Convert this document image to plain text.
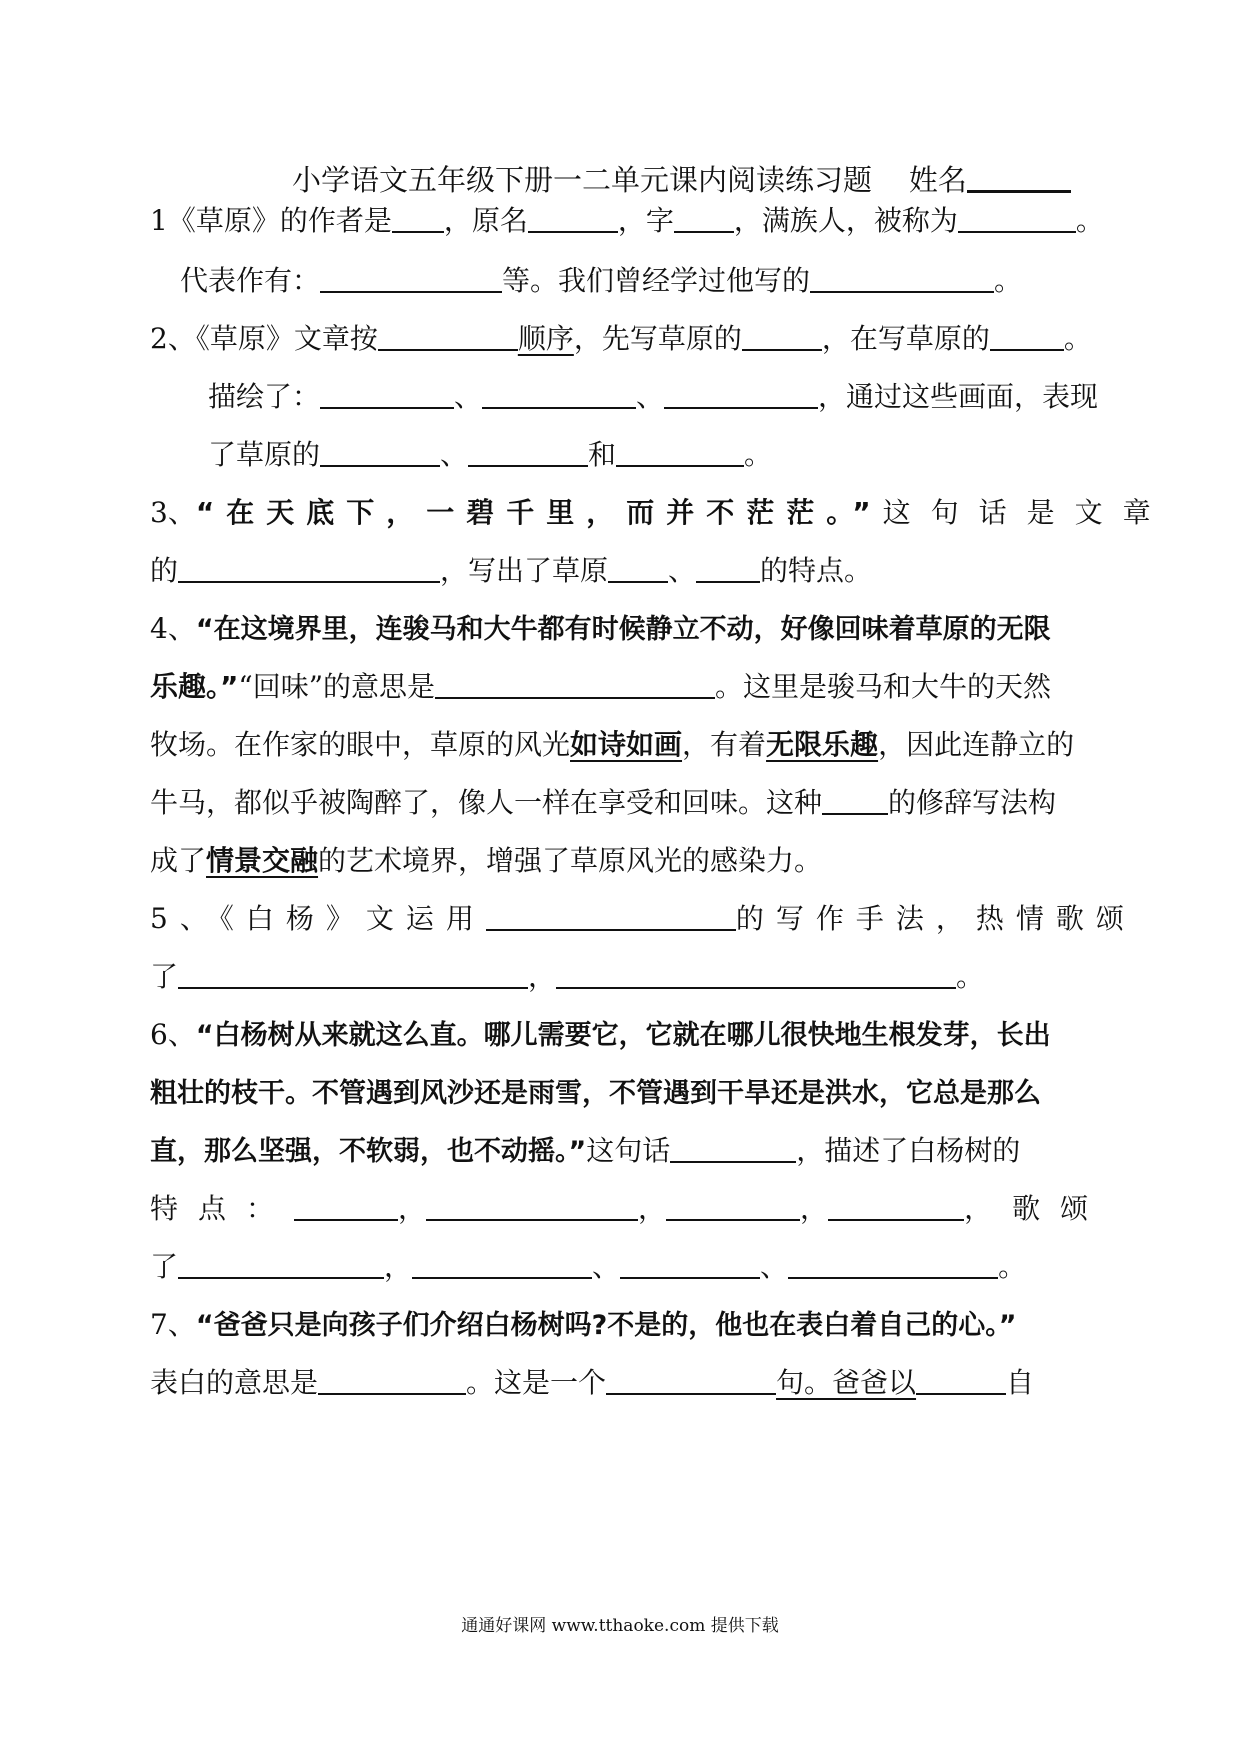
小学语文五年级下册一二单元课内阅读练习题 姓名
1《草原》的作者是 ，原名	，字 ，满族人，被称为	。
代表作有：	等。我们曾经学过他写的	。
2、《草原》文章按	顺序，先写草原的	，在写草原的	。
描绘了：	、	、	，通过这些画面，表现
了草原的	、	和	。
3、“在天底下，一碧千里，而并不茫茫。”这句话是文章
的	，写出了草原 、 的特点。
4、“在这境界里，连骏马和大牛都有时候静立不动，好像回味着草原的无限
乐趣。”“回味”的意思是	。这里是骏马和大牛的天然
牧场。在作家的眼中，草原的风光如诗如画，有着无限乐趣，因此连静立的
牛马，都似乎被陶醉了，像人一样在享受和回味。这种 的修辞写法构
成了情景交融的艺术境界，增强了草原风光的感染力。
5、《白杨》文运用	的写作手法，热情歌颂
了	，	。
6、“白杨树从来就这么直。哪儿需要它，它就在哪儿很快地生根发芽，长出
粗壮的枝干。不管遇到风沙还是雨雪，不管遇到干旱还是洪水，它总是那么
直，那么坚强，不软弱，也不动摇。”这句话	，描述了白杨树的
特点：	，	，	，	，歌颂
了	，	、	、	。
7、“爸爸只是向孩子们介绍白杨树吗?不是的，他也在表白着自己的心。”
表白的意思是	。这是一个	句。爸爸以	自
通通好课网 www.tthaoke.com 提供下载
